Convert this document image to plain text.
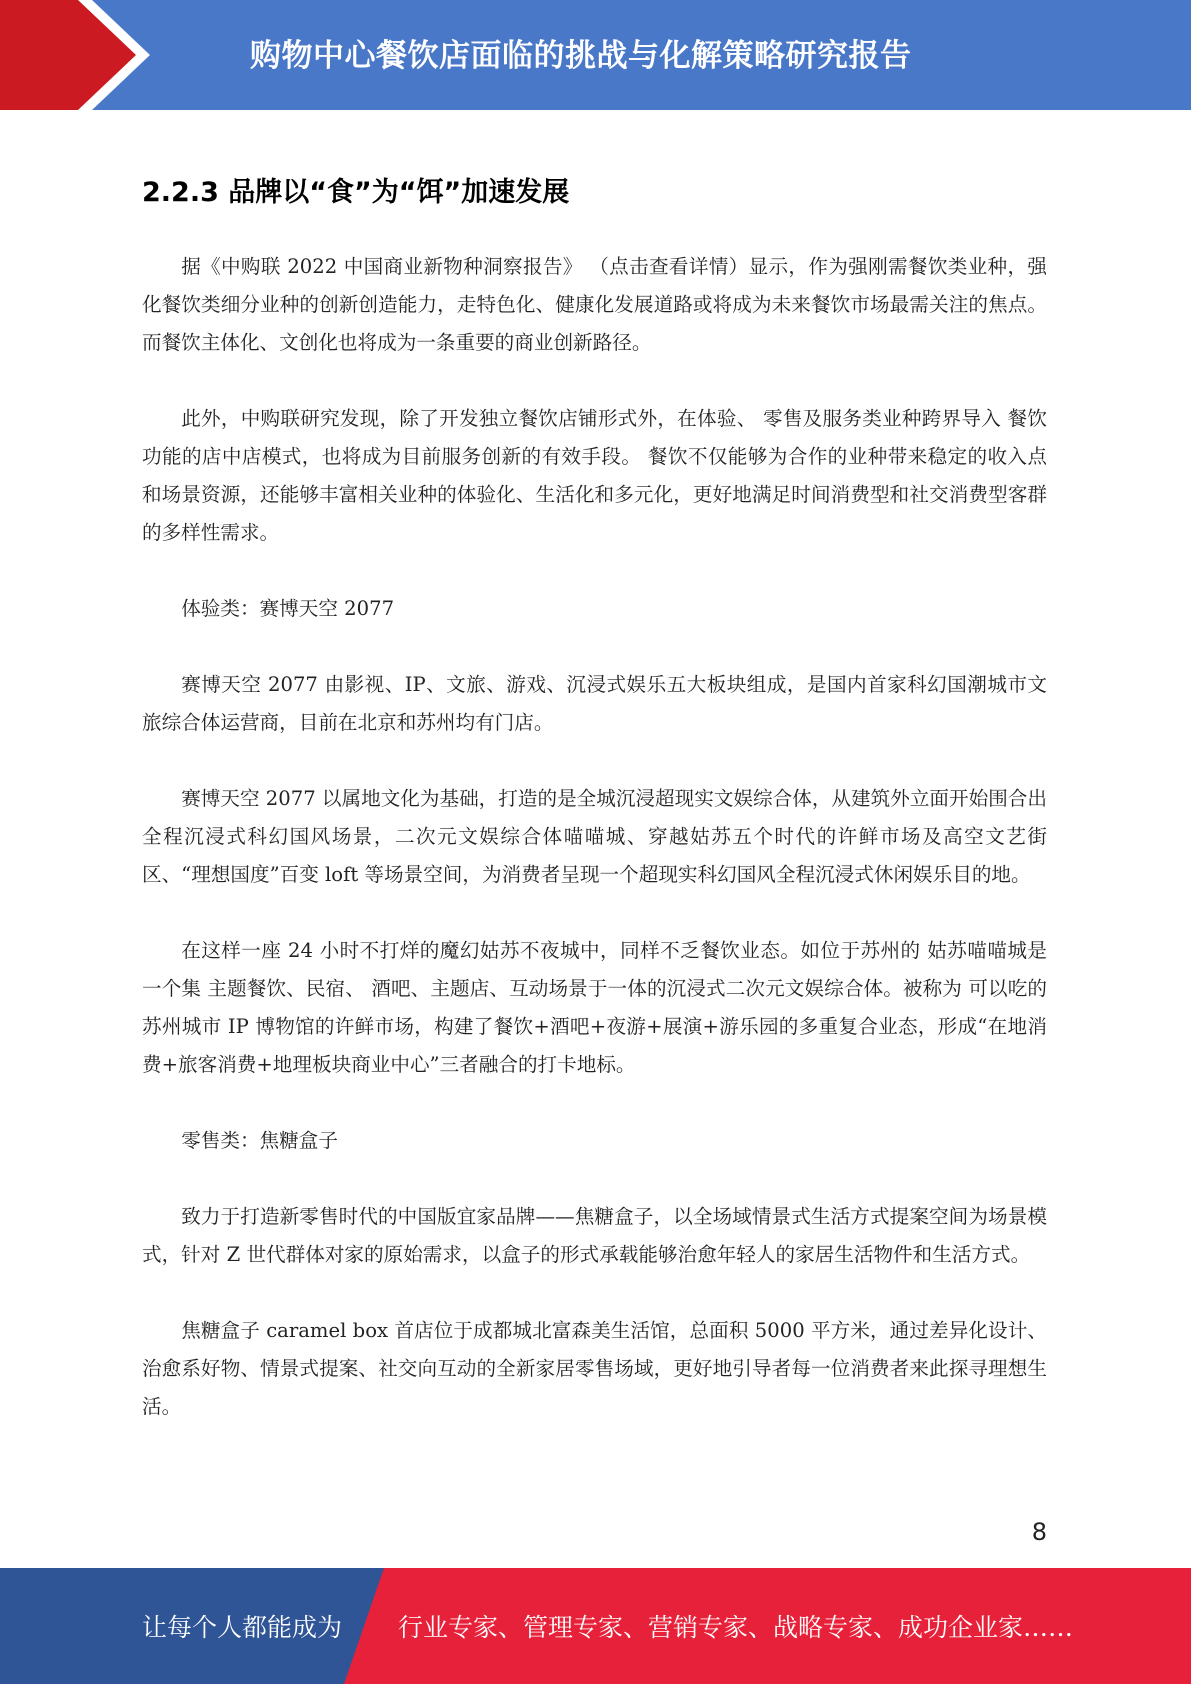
购物中心餐饮店面临的挑战与化解策略研究报告
2.2.3 品牌以“食”为“饵”加速发展

据《中购联 2022 中国商业新物种洞察报告》 （点击查看详情）显示，作为强刚需餐饮类业种，强化餐饮类细分业种的创新创造能力，走特色化、健康化发展道路或将成为未来餐饮市场最需关注的焦点。而餐饮主体化、文创化也将成为一条重要的商业创新路径。

此外，中购联研究发现，除了开发独立餐饮店铺形式外，在体验、 零售及服务类业种跨界导入 餐饮功能的店中店模式，也将成为目前服务创新的有效手段。 餐饮不仅能够为合作的业种带来稳定的收入点和场景资源，还能够丰富相关业种的体验化、生活化和多元化，更好地满足时间消费型和社交消费型客群的多样性需求。

体验类：赛博天空 2077

赛博天空 2077 由影视、IP、文旅、游戏、沉浸式娱乐五大板块组成，是国内首家科幻国潮城市文旅综合体运营商，目前在北京和苏州均有门店。

赛博天空 2077 以属地文化为基础，打造的是全城沉浸超现实文娱综合体，从建筑外立面开始围合出全程沉浸式科幻国风场景，二次元文娱综合体喵喵城、穿越姑苏五个时代的许鲜市场及高空文艺街区、“理想国度”百变 loft 等场景空间，为消费者呈现一个超现实科幻国风全程沉浸式休闲娱乐目的地。

在这样一座 24 小时不打烊的魔幻姑苏不夜城中，同样不乏餐饮业态。如位于苏州的 姑苏喵喵城是一个集 主题餐饮、民宿、 酒吧、主题店、互动场景于一体的沉浸式二次元文娱综合体。被称为 可以吃的苏州城市 IP 博物馆的许鲜市场，构建了餐饮+酒吧+夜游+展演+游乐园的多重复合业态，形成“在地消费+旅客消费+地理板块商业中心”三者融合的打卡地标。

零售类：焦糖盒子

致力于打造新零售时代的中国版宜家品牌——焦糖盒子，以全场域情景式生活方式提案空间为场景模式，针对 Z 世代群体对家的原始需求，以盒子的形式承载能够治愈年轻人的家居生活物件和生活方式。

焦糖盒子 caramel box 首店位于成都城北富森美生活馆，总面积 5000 平方米，通过差异化设计、治愈系好物、情景式提案、社交向互动的全新家居零售场域，更好地引导者每一位消费者来此探寻理想生活。

8
让每个人都能成为 行业专家、管理专家、营销专家、战略专家、成功企业家……
